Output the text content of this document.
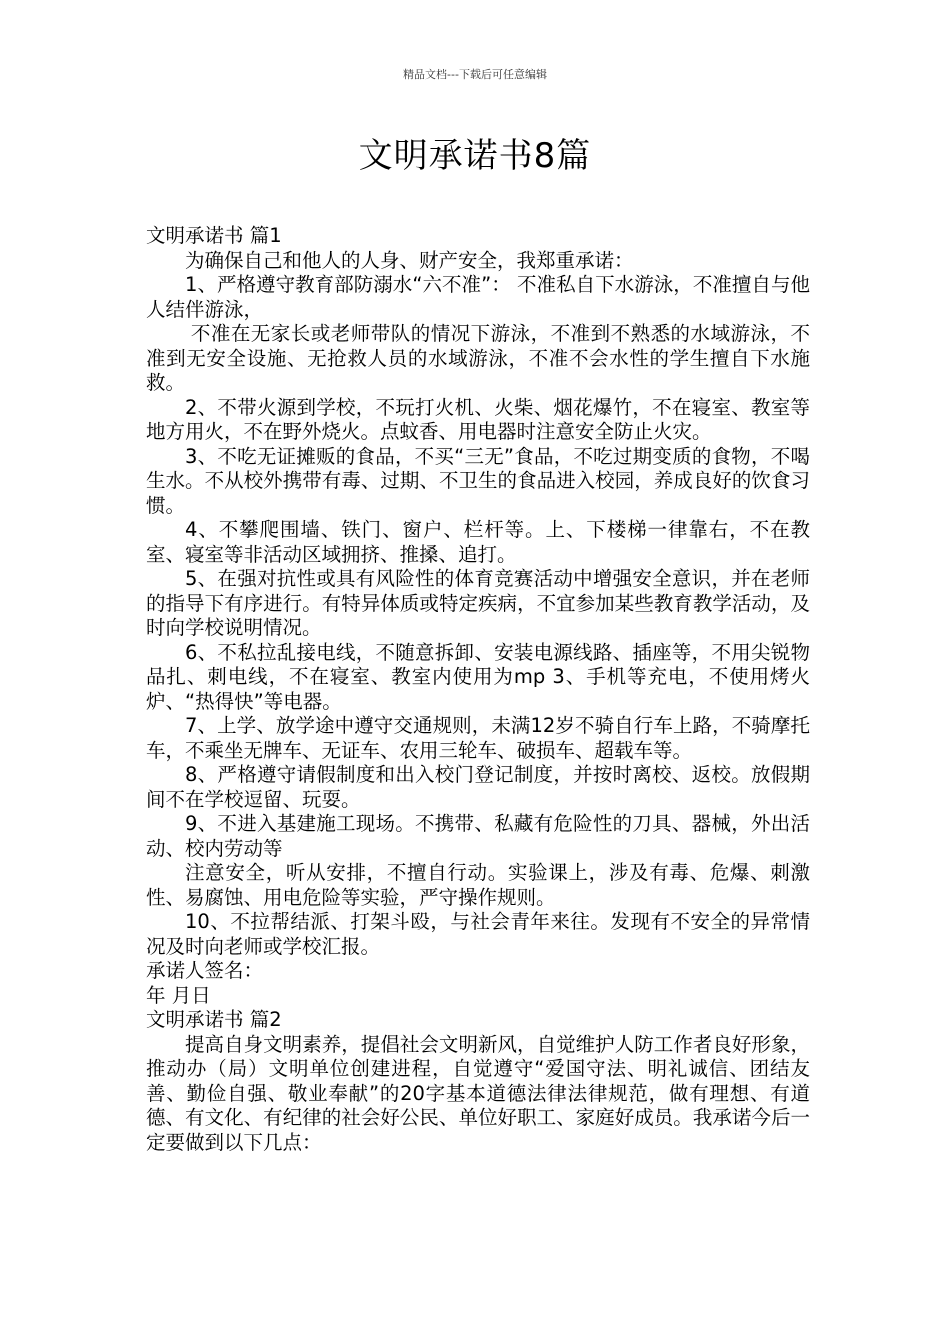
精品文档---下载后可任意编辑
文明承诺书8篇

文明承诺书 篇1

为确保自己和他人的人身、财产安全，我郑重承诺：

1、严格遵守教育部防溺水“六不准”： 不准私自下水游泳，不准擅自与他人结伴游泳，

不准在无家长或老师带队的情况下游泳，不准到不熟悉的水域游泳，不准到无安全设施、无抢救人员的水域游泳，不准不会水性的学生擅自下水施救。

2、不带火源到学校，不玩打火机、火柴、烟花爆竹，不在寝室、教室等地方用火，不在野外烧火。点蚊香、用电器时注意安全防止火灾。

3、不吃无证摊贩的食品，不买“三无”食品，不吃过期变质的食物，不喝生水。不从校外携带有毒、过期、不卫生的食品进入校园，养成良好的饮食习惯。

4、不攀爬围墙、铁门、窗户、栏杆等。上、下楼梯一律靠右，不在教室、寝室等非活动区域拥挤、推搡、追打。

5、在强对抗性或具有风险性的体育竞赛活动中增强安全意识，并在老师的指导下有序进行。有特异体质或特定疾病，不宜参加某些教育教学活动，及时向学校说明情况。

6、不私拉乱接电线，不随意拆卸、安装电源线路、插座等，不用尖锐物品扎、刺电线，不在寝室、教室内使用为mp 3、手机等充电，不使用烤火炉、“热得快”等电器。

7、上学、放学途中遵守交通规则，未满12岁不骑自行车上路，不骑摩托车，不乘坐无牌车、无证车、农用三轮车、破损车、超载车等。

8、严格遵守请假制度和出入校门登记制度，并按时离校、返校。放假期间不在学校逗留、玩耍。

9、不进入基建施工现场。不携带、私藏有危险性的刀具、器械，外出活动、校内劳动等

注意安全，听从安排，不擅自行动。实验课上，涉及有毒、危爆、刺激性、易腐蚀、用电危险等实验，严守操作规则。

10、不拉帮结派、打架斗殴，与社会青年来往。发现有不安全的异常情况及时向老师或学校汇报。

承诺人签名：

年 月日

文明承诺书 篇2

提高自身文明素养，提倡社会文明新风，自觉维护人防工作者良好形象，推动办（局）文明单位创建进程，自觉遵守“爱国守法、明礼诚信、团结友善、勤俭自强、敬业奉献”的20字基本道德法律法律规范，做有理想、有道德、有文化、有纪律的社会好公民、单位好职工、家庭好成员。我承诺今后一定要做到以下几点：
